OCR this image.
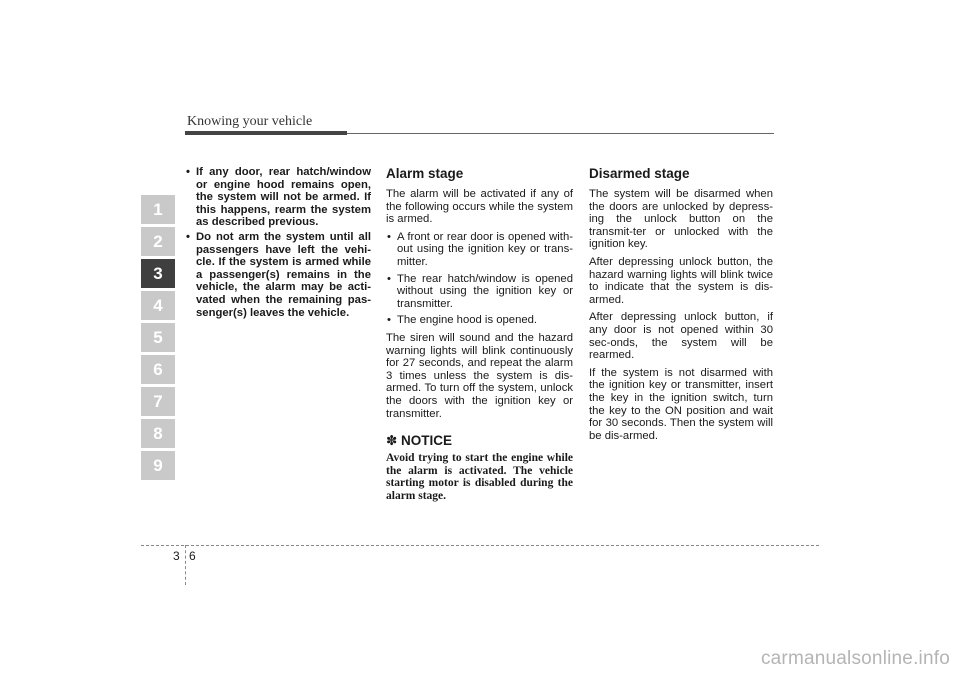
Knowing your vehicle
1
2
3
4
5
6
7
8
9
• If any door, rear hatch/window or engine hood remains open, the system will not be armed. If this happens, rearm the system as described previous.
• Do not arm the system until all passengers have left the vehi-cle. If the system is armed while a passenger(s) remains in the vehicle, the alarm may be acti-vated when the remaining pas-senger(s) leaves the vehicle.
Alarm stage

The alarm will be activated if any of the following occurs while the system is armed.

• A front or rear door is opened with-out using the ignition key or trans-mitter.
• The rear hatch/window is opened without using the ignition key or transmitter.
• The engine hood is opened.

The siren will sound and the hazard warning lights will blink continuously for 27 seconds, and repeat the alarm 3 times unless the system is dis-armed. To turn off the system, unlock the doors with the ignition key or transmitter.

✽ NOTICE
Avoid trying to start the engine while the alarm is activated. The vehicle starting motor is disabled during the alarm stage.
Disarmed stage

The system will be disarmed when the doors are unlocked by depress-ing the unlock button on the transmit-ter or unlocked with the ignition key.

After depressing unlock button, the hazard warning lights will blink twice to indicate that the system is dis-armed.

After depressing unlock button, if any door is not opened within 30 sec-onds, the system will be rearmed.

If the system is not disarmed with the ignition key or transmitter, insert the key in the ignition switch, turn the key to the ON position and wait for 30 seconds. Then the system will be dis-armed.

3 6
carmanualsonline.info
